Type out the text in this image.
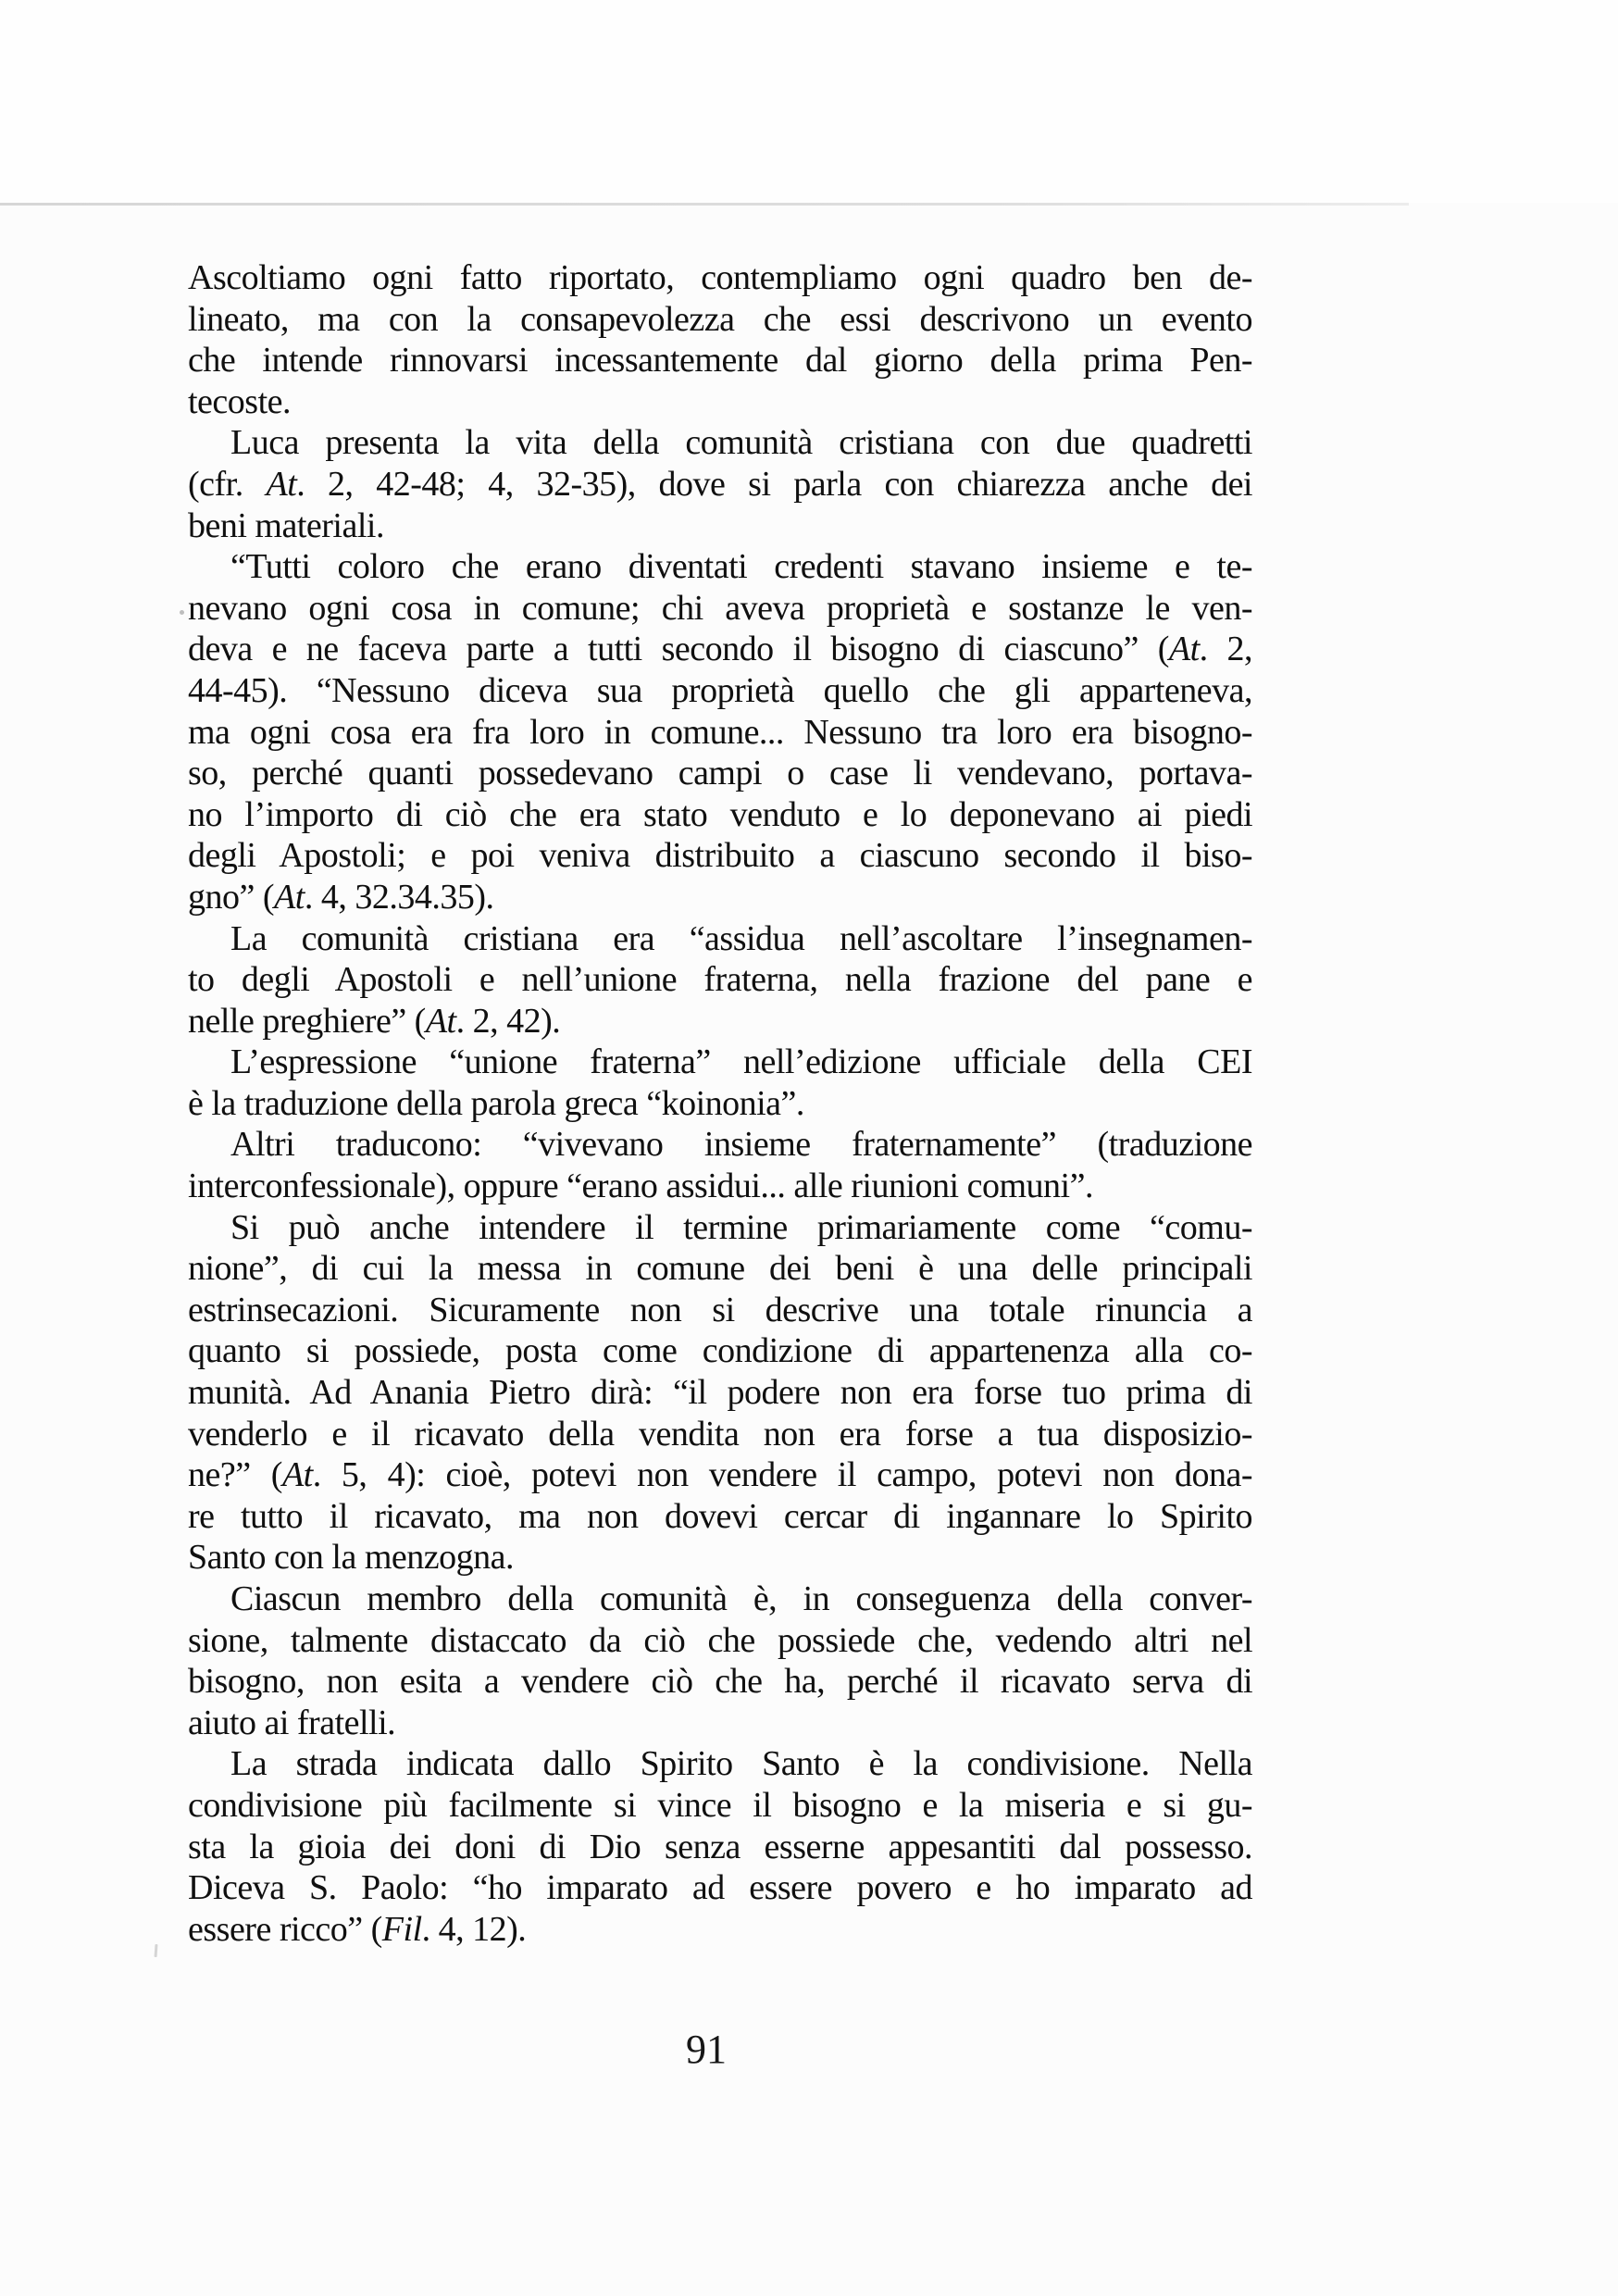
Ascoltiamo ogni fatto riportato, contempliamo ogni quadro ben de-
lineato, ma con la consapevolezza che essi descrivono un evento
che intende rinnovarsi incessantemente dal giorno della prima Pen-
tecoste.
Luca presenta la vita della comunità cristiana con due quadretti
(cfr. At. 2, 42-48; 4, 32-35), dove si parla con chiarezza anche dei
beni materiali.
“Tutti coloro che erano diventati credenti stavano insieme e te-
nevano ogni cosa in comune; chi aveva proprietà e sostanze le ven-
deva e ne faceva parte a tutti secondo il bisogno di ciascuno” (At. 2,
44-45). “Nessuno diceva sua proprietà quello che gli apparteneva,
ma ogni cosa era fra loro in comune... Nessuno tra loro era bisogno-
so, perché quanti possedevano campi o case li vendevano, portava-
no l’importo di ciò che era stato venduto e lo deponevano ai piedi
degli Apostoli; e poi veniva distribuito a ciascuno secondo il biso-
gno” (At. 4, 32.34.35).
La comunità cristiana era “assidua nell’ascoltare l’insegnamen-
to degli Apostoli e nell’unione fraterna, nella frazione del pane e
nelle preghiere” (At. 2, 42).
L’espressione “unione fraterna” nell’edizione ufficiale della CEI
è la traduzione della parola greca “koinonia”.
Altri traducono: “vivevano insieme fraternamente” (traduzione
interconfessionale), oppure “erano assidui... alle riunioni comuni”.
Si può anche intendere il termine primariamente come “comu-
nione”, di cui la messa in comune dei beni è una delle principali
estrinsecazioni. Sicuramente non si descrive una totale rinuncia a
quanto si possiede, posta come condizione di appartenenza alla co-
munità. Ad Anania Pietro dirà: “il podere non era forse tuo prima di
venderlo e il ricavato della vendita non era forse a tua disposizio-
ne?” (At. 5, 4): cioè, potevi non vendere il campo, potevi non dona-
re tutto il ricavato, ma non dovevi cercar di ingannare lo Spirito
Santo con la menzogna.
Ciascun membro della comunità è, in conseguenza della conver-
sione, talmente distaccato da ciò che possiede che, vedendo altri nel
bisogno, non esita a vendere ciò che ha, perché il ricavato serva di
aiuto ai fratelli.
La strada indicata dallo Spirito Santo è la condivisione. Nella
condivisione più facilmente si vince il bisogno e la miseria e si gu-
sta la gioia dei doni di Dio senza esserne appesantiti dal possesso.
Diceva S. Paolo: “ho imparato ad essere povero e ho imparato ad
essere ricco” (Fil. 4, 12).
91
